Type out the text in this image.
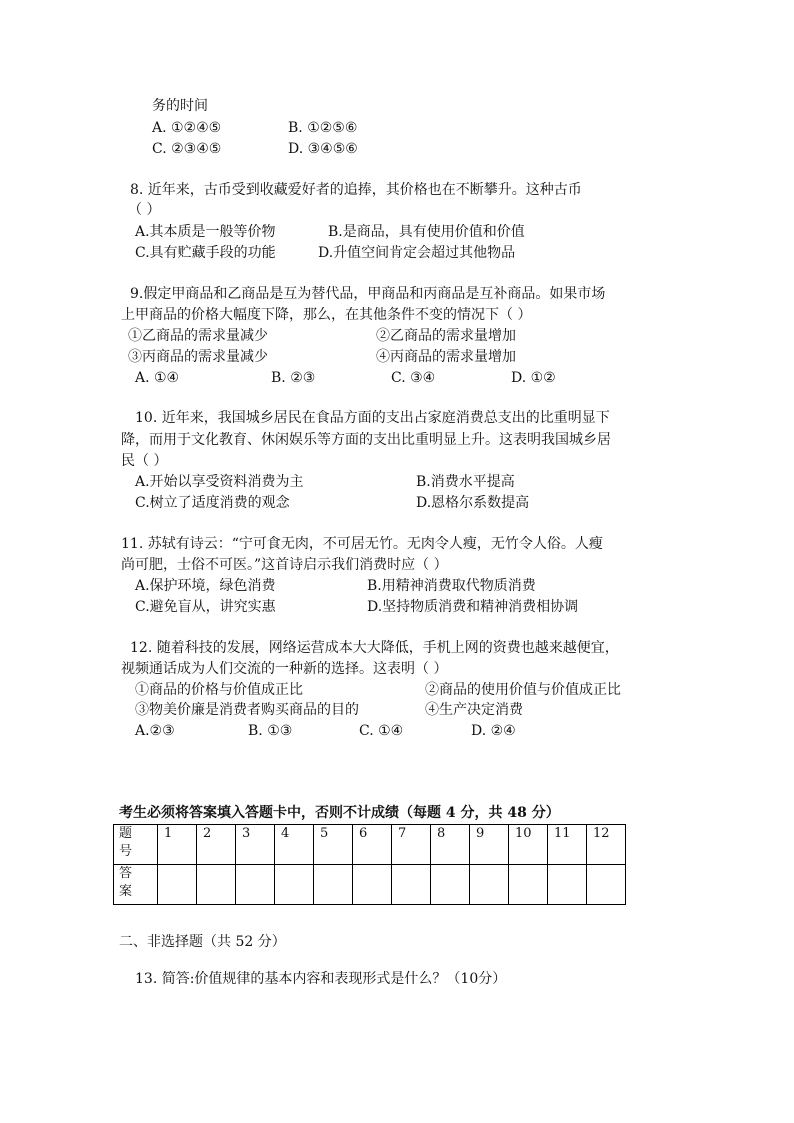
务的时间
A. ①②④⑤	B. ①②⑤⑥
C. ②③④⑤	D. ③④⑤⑥
8. 近年来，古币受到收藏爱好者的追捧，其价格也在不断攀升。这种古币
（ ）
A.其本质是一般等价物	B.是商品，具有使用价值和价值
C.具有贮藏手段的功能	D.升值空间肯定会超过其他物品
9.假定甲商品和乙商品是互为替代品，甲商品和丙商品是互补商品。如果市场
上甲商品的价格大幅度下降，那么，在其他条件不变的情况下（ ）
①乙商品的需求量减少	②乙商品的需求量增加
③丙商品的需求量减少	④丙商品的需求量增加
A. ①④	B. ②③	C. ③④	D. ①②
10. 近年来，我国城乡居民在食品方面的支出占家庭消费总支出的比重明显下
降，而用于文化教育、休闲娱乐等方面的支出比重明显上升。这表明我国城乡居
民（ ）
A.开始以享受资料消费为主	B.消费水平提高
C.树立了适度消费的观念	D.恩格尔系数提高
11. 苏轼有诗云：“宁可食无肉，不可居无竹。无肉令人瘦，无竹令人俗。人瘦
尚可肥，士俗不可医。”这首诗启示我们消费时应（ ）
A.保护环境，绿色消费	B.用精神消费取代物质消费
C.避免盲从，讲究实惠	D.坚持物质消费和精神消费相协调
12. 随着科技的发展，网络运营成本大大降低，手机上网的资费也越来越便宜，
视频通话成为人们交流的一种新的选择。这表明（ ）
①商品的价格与价值成正比	②商品的使用价值与价值成正比
③物美价廉是消费者购买商品的目的	④生产决定消费
A.②③	B. ①③	C. ①④	D. ②④
考生必须将答案填入答题卡中，否则不计成绩（每题 4 分，共 48 分）
题
号	1	2	3	4	5	6	7	8	9	10	11	12
答
案												
二、非选择题（共 52 分）
13. 简答:价值规律的基本内容和表现形式是什么？（10分）
